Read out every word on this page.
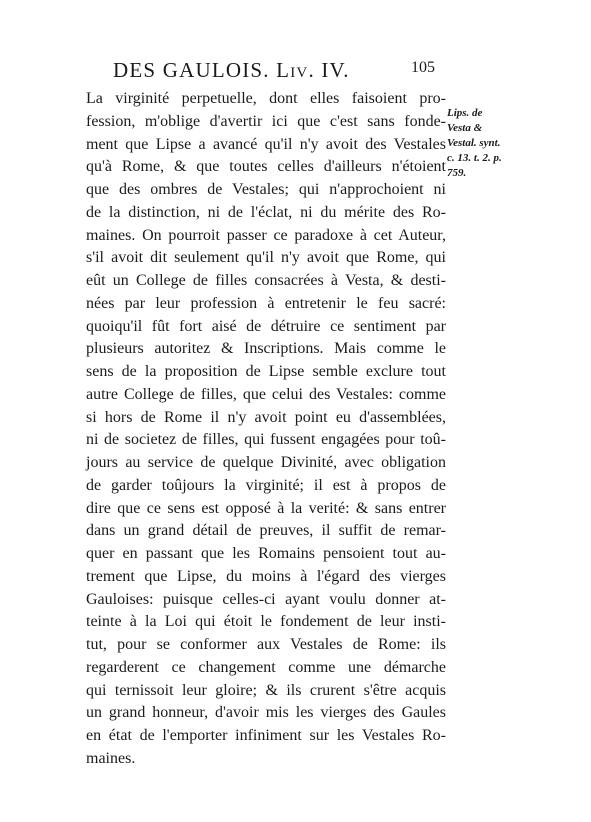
DES GAULOIS. Liv. IV.	105
La virginité perpetuelle, dont elles faisoient pro-
fession, m'oblige d'avertir ici que c'est sans fonde-
ment que Lipse a avancé qu'il n'y avoit des Vestales
qu'à Rome, & que toutes celles d'ailleurs n'étoient
que des ombres de Vestales; qui n'approchoient ni
de la distinction, ni de l'éclat, ni du mérite des Ro-
maines. On pourroit passer ce paradoxe à cet Auteur,
s'il avoit dit seulement qu'il n'y avoit que Rome, qui
eût un College de filles consacrées à Vesta, & desti-
nées par leur profession à entretenir le feu sacré:
quoiqu'il fût fort aisé de détruire ce sentiment par
plusieurs autoritez & Inscriptions. Mais comme le
sens de la proposition de Lipse semble exclure tout
autre College de filles, que celui des Vestales: comme
si hors de Rome il n'y avoit point eu d'assemblées,
ni de societez de filles, qui fussent engagées pour toû-
jours au service de quelque Divinité, avec obligation
de garder toûjours la virginité; il est à propos de
dire que ce sens est opposé à la verité: & sans entrer
dans un grand détail de preuves, il suffit de remar-
quer en passant que les Romains pensoient tout au-
trement que Lipse, du moins à l'égard des vierges
Gauloises: puisque celles-ci ayant voulu donner at-
teinte à la Loi qui étoit le fondement de leur insti-
tut, pour se conformer aux Vestales de Rome: ils
regarderent ce changement comme une démarche
qui ternissoit leur gloire; & ils crurent s'être acquis
un grand honneur, d'avoir mis les vierges des Gaules
en état de l'emporter infiniment sur les Vestales Ro-
maines.
Lips. de
Vesta &
Vestal. synt.
c. 13. t. 2. p.
759.
